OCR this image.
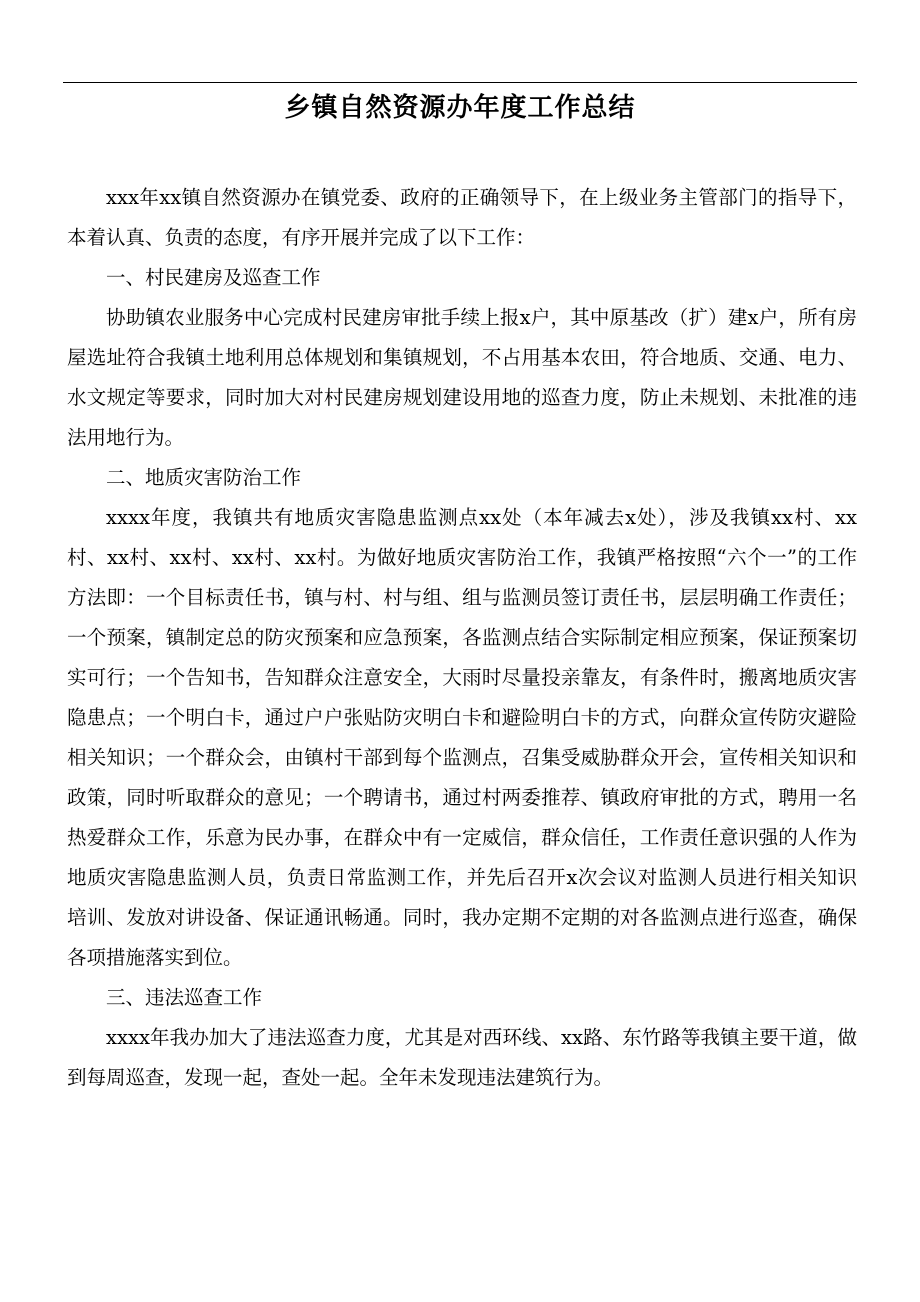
乡镇自然资源办年度工作总结

xxx年xx镇自然资源办在镇党委、政府的正确领导下，在上级业务主管部门的指导下，本着认真、负责的态度，有序开展并完成了以下工作：

一、村民建房及巡查工作

协助镇农业服务中心完成村民建房审批手续上报x户，其中原基改（扩）建x户，所有房屋选址符合我镇土地利用总体规划和集镇规划，不占用基本农田，符合地质、交通、电力、水文规定等要求，同时加大对村民建房规划建设用地的巡查力度，防止未规划、未批准的违法用地行为。

二、地质灾害防治工作

xxxx年度，我镇共有地质灾害隐患监测点xx处（本年减去x处），涉及我镇xx村、xx村、xx村、xx村、xx村、xx村。为做好地质灾害防治工作，我镇严格按照“六个一”的工作方法即：一个目标责任书，镇与村、村与组、组与监测员签订责任书，层层明确工作责任；一个预案，镇制定总的防灾预案和应急预案，各监测点结合实际制定相应预案，保证预案切实可行；一个告知书，告知群众注意安全，大雨时尽量投亲靠友，有条件时，搬离地质灾害隐患点；一个明白卡，通过户户张贴防灾明白卡和避险明白卡的方式，向群众宣传防灾避险相关知识；一个群众会，由镇村干部到每个监测点，召集受威胁群众开会，宣传相关知识和政策，同时听取群众的意见；一个聘请书，通过村两委推荐、镇政府审批的方式，聘用一名热爱群众工作，乐意为民办事，在群众中有一定威信，群众信任，工作责任意识强的人作为地质灾害隐患监测人员，负责日常监测工作，并先后召开x次会议对监测人员进行相关知识培训、发放对讲设备、保证通讯畅通。同时，我办定期不定期的对各监测点进行巡查，确保各项措施落实到位。

三、违法巡查工作

xxxx年我办加大了违法巡查力度，尤其是对西环线、xx路、东竹路等我镇主要干道，做到每周巡查，发现一起，查处一起。全年未发现违法建筑行为。
